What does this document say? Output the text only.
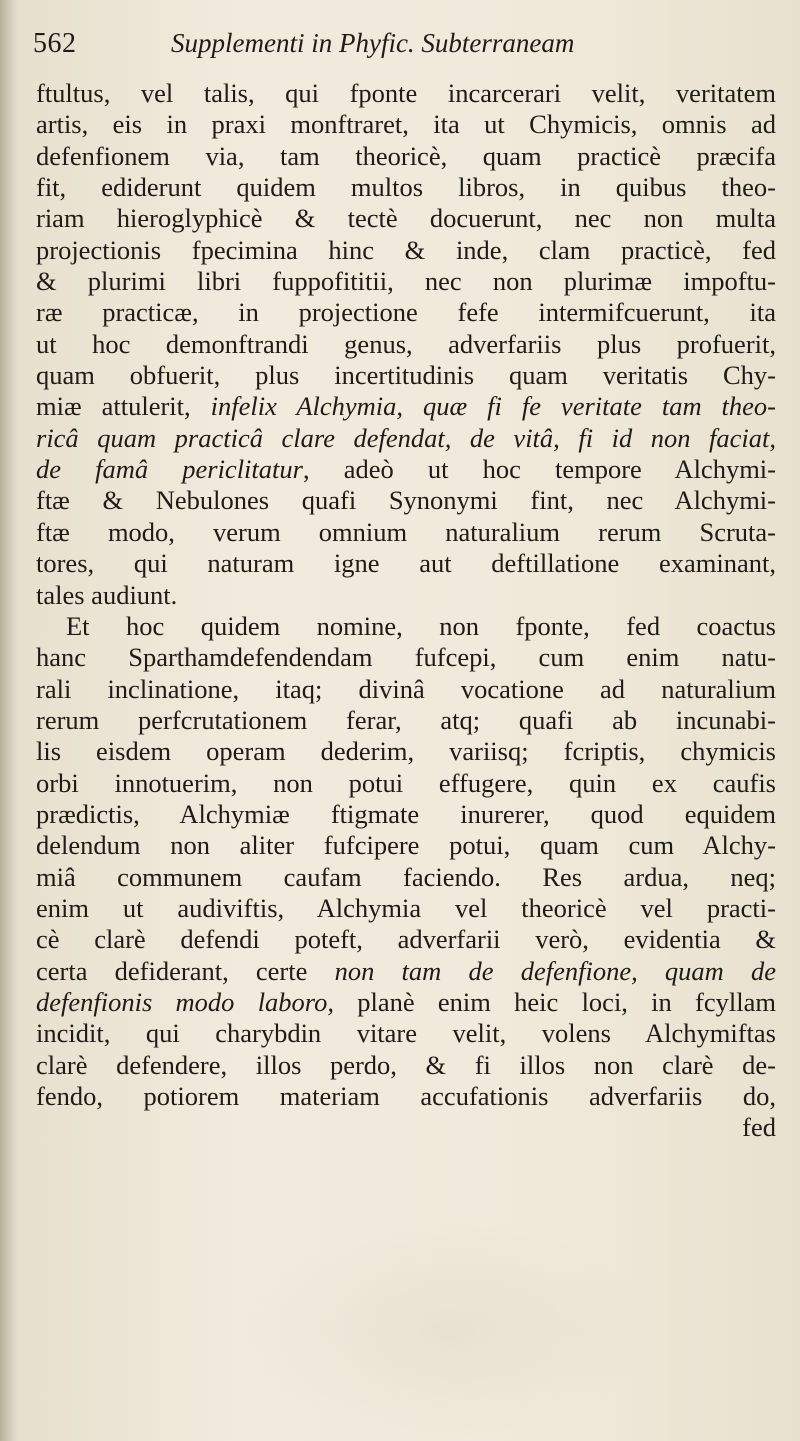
562	Supplementi in Phyfic. Subterraneam
ftultus, vel talis, qui fponte incarcerari velit, veritatem
artis, eis in praxi monftraret, ita ut Chymicis, omnis ad
defenfionem via, tam theoricè, quam practicè præcifa
fit, ediderunt quidem multos libros, in quibus theo-
riam hieroglyphicè & tectè docuerunt, nec non multa
projectionis fpecimina hinc & inde, clam practicè, fed
& plurimi libri fuppofititii, nec non plurimæ impoftu-
ræ practicæ, in projectione fefe intermifcuerunt, ita
ut hoc demonftrandi genus, adverfariis plus profuerit,
quam obfuerit, plus incertitudinis quam veritatis Chy-
miæ attulerit, infelix Alchymia, quæ fi fe veritate tam theo-
ricâ quam practicâ clare defendat, de vitâ, fi id non faciat,
de famâ periclitatur, adeò ut hoc tempore Alchymi-
ftæ & Nebulones quafi Synonymi fint, nec Alchymi-
ftæ modo, verum omnium naturalium rerum Scruta-
tores, qui naturam igne aut deftillatione examinant,
tales audiunt.
Et hoc quidem nomine, non fponte, fed coactus
hanc Sparthamdefendendam fufcepi, cum enim natu-
rali inclinatione, itaq; divinâ vocatione ad naturalium
rerum perfcrutationem ferar, atq; quafi ab incunabi-
lis eisdem operam dederim, variisq; fcriptis, chymicis
orbi innotuerim, non potui effugere, quin ex caufis
prædictis, Alchymiæ ftigmate inurerer, quod equidem
delendum non aliter fufcipere potui, quam cum Alchy-
miâ communem caufam faciendo. Res ardua, neq;
enim ut audiviftis, Alchymia vel theoricè vel practi-
cè clarè defendi poteft, adverfarii verò, evidentia &
certa defiderant, certe non tam de defenfione, quam de
defenfionis modo laboro, planè enim heic loci, in fcyllam
incidit, qui charybdin vitare velit, volens Alchymiftas
clarè defendere, illos perdo, & fi illos non clarè de-
fendo, potiorem materiam accufationis adverfariis do,
fed
